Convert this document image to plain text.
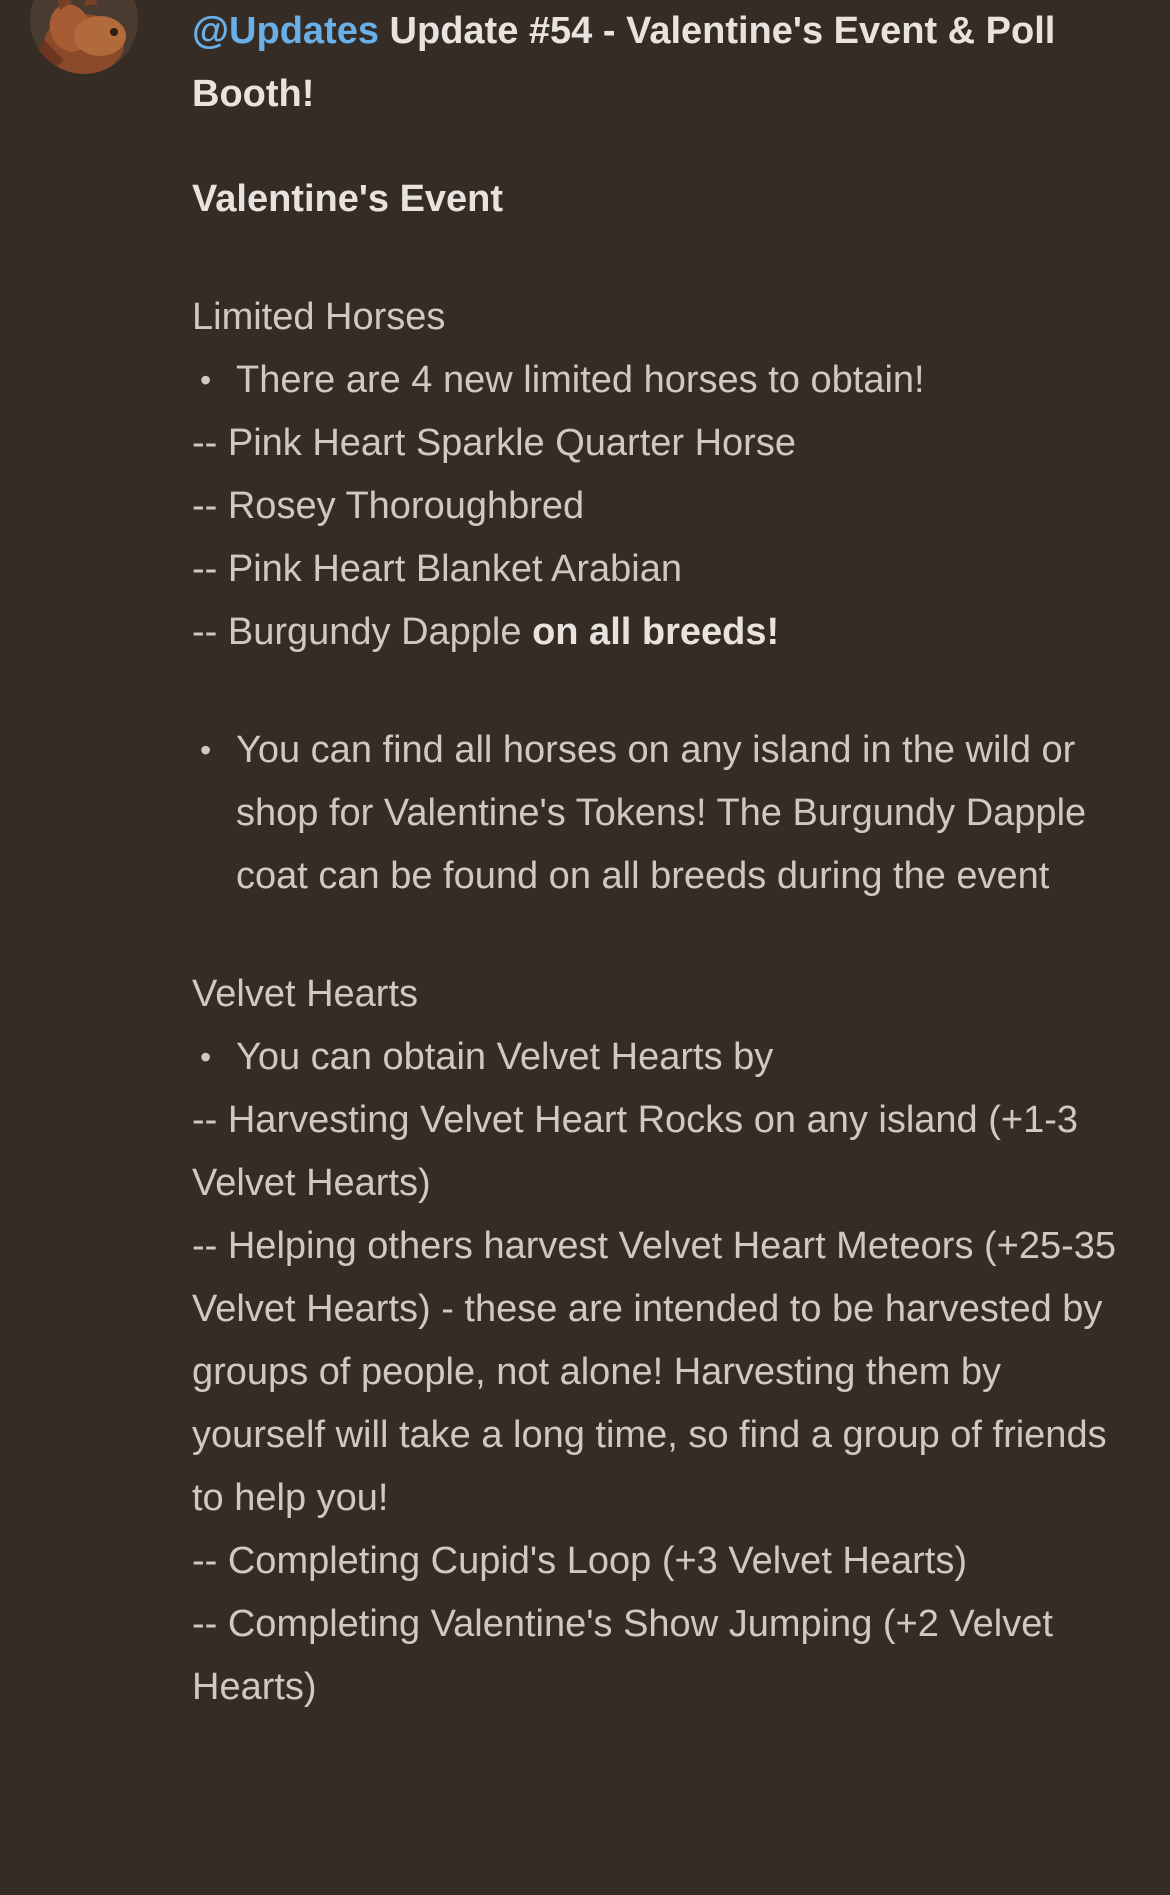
@Updates Update #54 - Valentine's Event & Poll Booth!
Valentine's Event
Limited Horses
• There are 4 new limited horses to obtain!
-- Pink Heart Sparkle Quarter Horse
-- Rosey Thoroughbred
-- Pink Heart Blanket Arabian
-- Burgundy Dapple on all breeds!
• You can find all horses on any island in the wild or shop for Valentine's Tokens! The Burgundy Dapple coat can be found on all breeds during the event
Velvet Hearts
• You can obtain Velvet Hearts by
-- Harvesting Velvet Heart Rocks on any island (+1-3 Velvet Hearts)
-- Helping others harvest Velvet Heart Meteors (+25-35 Velvet Hearts) - these are intended to be harvested by groups of people, not alone! Harvesting them by yourself will take a long time, so find a group of friends to help you!
-- Completing Cupid's Loop (+3 Velvet Hearts)
-- Completing Valentine's Show Jumping (+2 Velvet Hearts)
